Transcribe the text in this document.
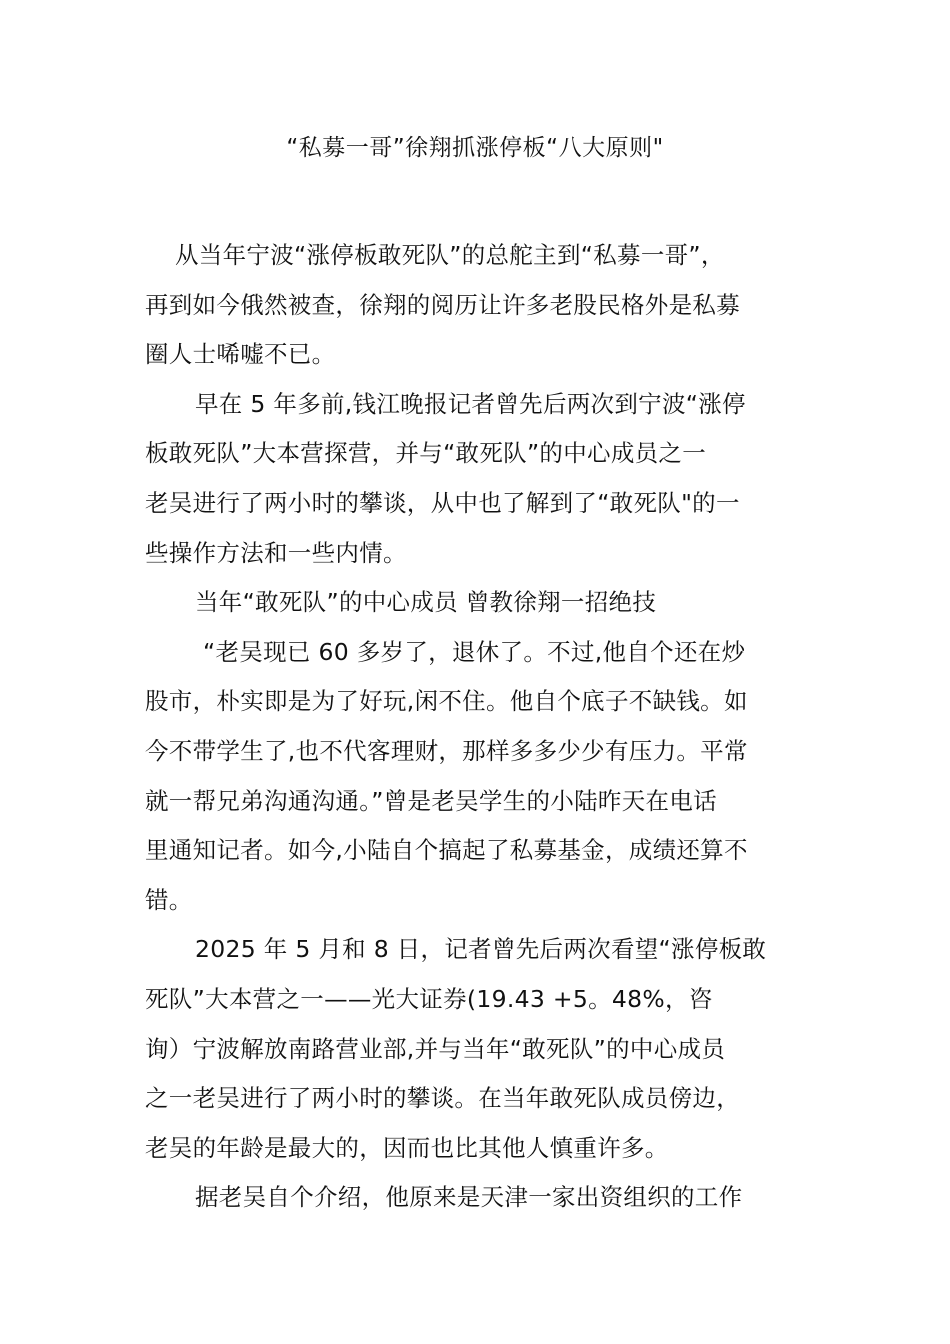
“私募一哥”徐翔抓涨停板“八大原则"
从当年宁波“涨停板敢死队”的总舵主到“私募一哥”，
再到如今俄然被查，徐翔的阅历让许多老股民格外是私募
圈人士唏嘘不已。
早在 5 年多前,钱江晚报记者曾先后两次到宁波“涨停
板敢死队”大本营探营，并与“敢死队”的中心成员之一
老吴进行了两小时的攀谈，从中也了解到了“敢死队"的一
些操作方法和一些内情。
当年“敢死队”的中心成员 曾教徐翔一招绝技
“老吴现已 60 多岁了，退休了。不过,他自个还在炒
股市，朴实即是为了好玩,闲不住。他自个底子不缺钱。如
今不带学生了,也不代客理财，那样多多少少有压力。平常
就一帮兄弟沟通沟通。”曾是老吴学生的小陆昨天在电话
里通知记者。如今,小陆自个搞起了私募基金，成绩还算不
错。
2025 年 5 月和 8 日，记者曾先后两次看望“涨停板敢
死队”大本营之一——光大证券(19.43 +5。48%，咨
询）宁波解放南路营业部,并与当年“敢死队”的中心成员
之一老吴进行了两小时的攀谈。在当年敢死队成员傍边，
老吴的年龄是最大的，因而也比其他人慎重许多。
据老吴自个介绍，他原来是天津一家出资组织的工作
